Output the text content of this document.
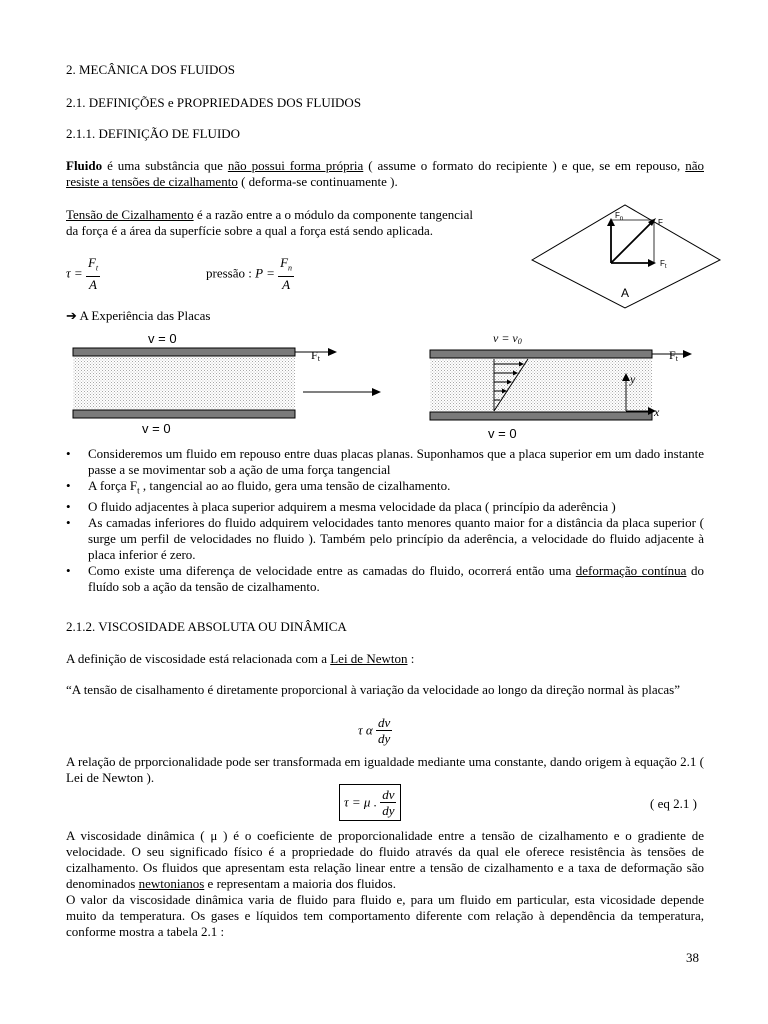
2. MECÂNICA DOS FLUIDOS
2.1. DEFINIÇÕES e PROPRIEDADES DOS FLUIDOS
2.1.1. DEFINIÇÃO DE FLUIDO
Fluido é uma substância que não possui forma própria ( assume o formato do recipiente ) e que, se em repouso, não resiste a tensões de cizalhamento ( deforma-se continuamente ).
Tensão de Cizalhamento é a razão entre a o módulo da componente tangencial
da força é a área da superfície sobre a qual a força está sendo aplicada.
$\tau = \frac{F_t}{A}$	pressão : $P = \frac{F_n}{A}$
$F_n$	F
$F_t$
A
➔ A Experiência das Placas
v = 0
v = 0
Ft
v = v0
v = 0
Ft
y
x
• Consideremos um fluido em repouso entre duas placas planas. Suponhamos que a placa superior em um dado instante passe a se movimentar sob a ação de uma força tangencial
• A força $F_t$ , tangencial ao ao fluido, gera uma tensão de cizalhamento.
• O fluido adjacentes à placa superior adquirem a mesma velocidade da placa ( princípio da aderência )
• As camadas inferiores do fluido adquirem velocidades tanto menores quanto maior for a distância da placa superior ( surge um perfil de velocidades no fluido ). Também pelo princípio da aderência, a velocidade do fluido adjacente à placa inferior é zero.
• Como existe uma diferença de velocidade entre as camadas do fluido, ocorrerá então uma deformação contínua do fluído sob a ação da tensão de cizalhamento.
2.1.2. VISCOSIDADE ABSOLUTA OU DINÂMICA
A definição de viscosidade está relacionada com a Lei de Newton :
“A tensão de cisalhamento é diretamente proporcional à variação da velocidade ao longo da direção normal às placas”
τ α $\frac{dv}{dy}$
A relação de prporcionalidade pode ser transformada em igualdade mediante uma constante, dando origem à equação 2.1 ( Lei de Newton ).
τ = μ . $\frac{dv}{dy}$	( eq 2.1 )
A viscosidade dinâmica ( μ ) é o coeficiente de proporcionalidade entre a tensão de cizalhamento e o gradiente de velocidade. O seu significado físico é a propriedade do fluido através da qual ele oferece resistência às tensões de cizalhamento. Os fluidos que apresentam esta relação linear entre a tensão de cizalhamento e a taxa de deformação são denominados newtonianos e representam a maioria dos fluidos.
O valor da viscosidade dinâmica varia de fluido para fluido e, para um fluido em particular, esta vicosidade depende muito da temperatura. Os gases e líquidos tem comportamento diferente com relação à dependência da temperatura, conforme mostra a tabela 2.1 :
38
